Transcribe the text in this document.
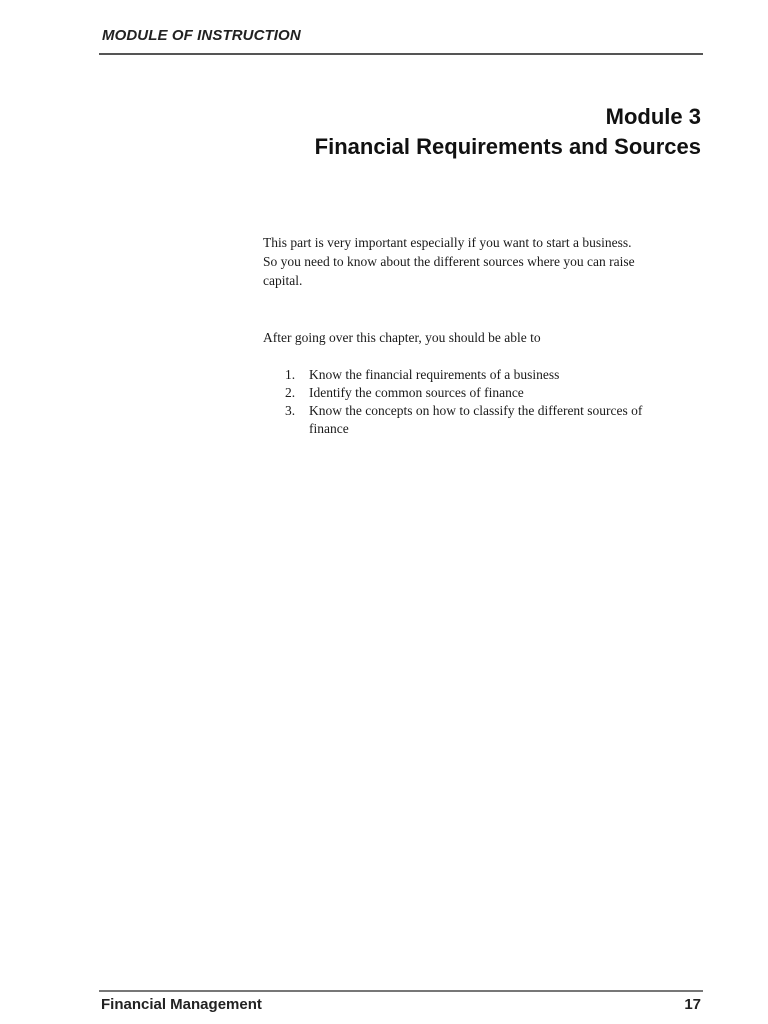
MODULE OF INSTRUCTION
Module 3
Financial Requirements and Sources

This part is very important especially if you want to start a business.
So you need to know about the different sources where you can raise
capital.

After going over this chapter, you should be able to

1.	Know the financial requirements of a business
2.	Identify the common sources of finance
3.	Know the concepts on how to classify the different sources of
finance
Financial Management	17
